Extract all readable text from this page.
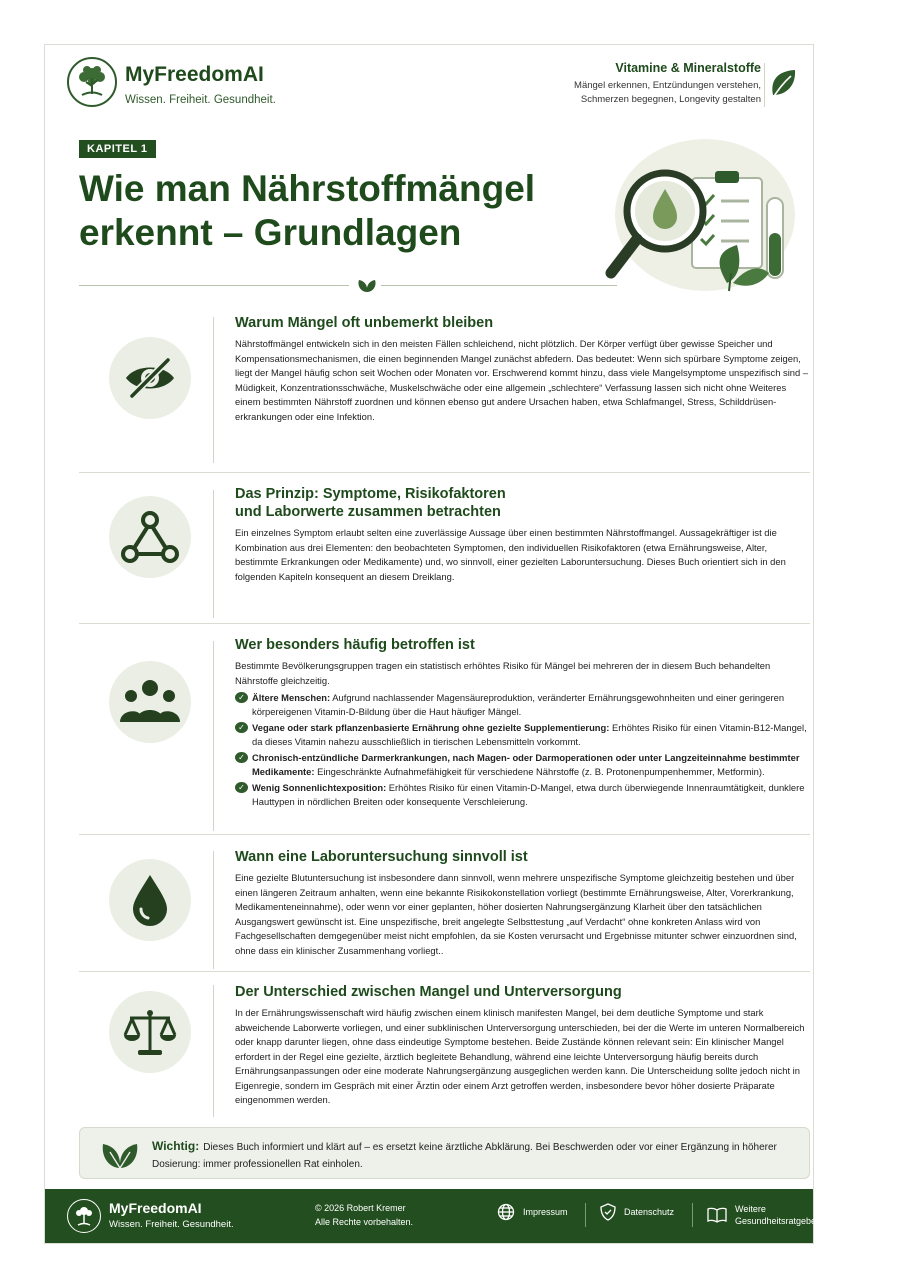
MyFreedomAI
Wissen. Freiheit. Gesundheit.
Vitamine & Mineralstoffe
Mängel erkennen, Entzündungen verstehen,
Schmerzen begegnen, Longevity gestalten
KAPITEL 1
Wie man Nährstoffmängel
erkennt – Grundlagen
Warum Mängel oft unbemerkt bleiben
Nährstoffmängel entwickeln sich in den meisten Fällen schleichend, nicht plötzlich. Der Körper verfügt über gewisse Speicher und Kompensationsmechanismen, die einen beginnenden Mangel zunächst abfedern. Das bedeutet: Wenn sich spürbare Symptome zeigen, liegt der Mangel häufig schon seit Wochen oder Monaten vor. Erschwerend kommt hinzu, dass viele Mangelsymptome unspezifisch sind – Müdigkeit, Konzentrationsschwäche, Muskelschwäche oder eine allgemein „schlechtere“ Verfassung lassen sich nicht ohne Weiteres einem bestimmten Nährstoff zuordnen und können ebenso gut andere Ursachen haben, etwa Schlafmangel, Stress, Schilddrüsen-erkrankungen oder eine Infektion.
Das Prinzip: Symptome, Risikofaktoren
und Laborwerte zusammen betrachten
Ein einzelnes Symptom erlaubt selten eine zuverlässige Aussage über einen bestimmten Nährstoffmangel. Aussagekräftiger ist die Kombination aus drei Elementen: den beobachteten Symptomen, den individuellen Risikofaktoren (etwa Ernährungsweise, Alter, bestimmte Erkrankungen oder Medikamente) und, wo sinnvoll, einer gezielten Laboruntersuchung. Dieses Buch orientiert sich in den folgenden Kapiteln konsequent an diesem Dreiklang.
Wer besonders häufig betroffen ist
Bestimmte Bevölkerungsgruppen tragen ein statistisch erhöhtes Risiko für Mängel bei mehreren der in diesem Buch behandelten Nährstoffe gleichzeitig.
✓ Ältere Menschen: Aufgrund nachlassender Magensäureproduktion, veränderter Ernährungsgewohnheiten und einer geringeren körpereigenen Vitamin-D-Bildung über die Haut häufiger Mängel.
✓ Vegane oder stark pflanzenbasierte Ernährung ohne gezielte Supplementierung: Erhöhtes Risiko für einen Vitamin-B12-Mangel, da dieses Vitamin nahezu ausschließlich in tierischen Lebensmitteln vorkommt.
✓ Chronisch-entzündliche Darmerkrankungen, nach Magen- oder Darmoperationen oder unter Langzeiteinnahme bestimmter Medikamente: Eingeschränkte Aufnahmefähigkeit für verschiedene Nährstoffe (z. B. Protonenpumpenhemmer, Metformin).
✓ Wenig Sonnenlichtexposition: Erhöhtes Risiko für einen Vitamin-D-Mangel, etwa durch überwiegende Innenraumtätigkeit, dunklere Hauttypen in nördlichen Breiten oder konsequente Verschleierung.
Wann eine Laboruntersuchung sinnvoll ist
Eine gezielte Blutuntersuchung ist insbesondere dann sinnvoll, wenn mehrere unspezifische Symptome gleichzeitig bestehen und über einen längeren Zeitraum anhalten, wenn eine bekannte Risikokonstellation vorliegt (bestimmte Ernährungsweise, Alter, Vorerkrankung, Medikamenteneinnahme), oder wenn vor einer geplanten, höher dosierten Nahrungsergänzung Klarheit über den tatsächlichen Ausgangswert gewünscht ist. Eine unspezifische, breit angelegte Selbsttestung „auf Verdacht“ ohne konkreten Anlass wird von Fachgesellschaften demgegenüber meist nicht empfohlen, da sie Kosten verursacht und Ergebnisse mitunter schwer einzuordnen sind, ohne dass ein klinischer Zusammenhang vorliegt..
Der Unterschied zwischen Mangel und Unterversorgung
In der Ernährungswissenschaft wird häufig zwischen einem klinisch manifesten Mangel, bei dem deutliche Symptome und stark abweichende Laborwerte vorliegen, und einer subklinischen Unterversorgung unterschieden, bei der die Werte im unteren Normalbereich oder knapp darunter liegen, ohne dass eindeutige Symptome bestehen. Beide Zustände können relevant sein: Ein klinischer Mangel erfordert in der Regel eine gezielte, ärztlich begleitete Behandlung, während eine leichte Unterversorgung häufig bereits durch Ernährungsanpassungen oder eine moderate Nahrungsergänzung ausgeglichen werden kann. Die Unterscheidung sollte jedoch nicht in Eigenregie, sondern im Gespräch mit einer Ärztin oder einem Arzt getroffen werden, insbesondere bevor höher dosierte Präparate eingenommen werden.
Wichtig: Dieses Buch informiert und klärt auf – es ersetzt keine ärztliche Abklärung. Bei Beschwerden oder vor einer Ergänzung in höherer Dosierung: immer professionellen Rat einholen.
MyFreedomAI
Wissen. Freiheit. Gesundheit.
© 2026 Robert Kremer
Alle Rechte vorbehalten.
Impressum	Datenschutz	Weitere
Gesundheitsratgeber
